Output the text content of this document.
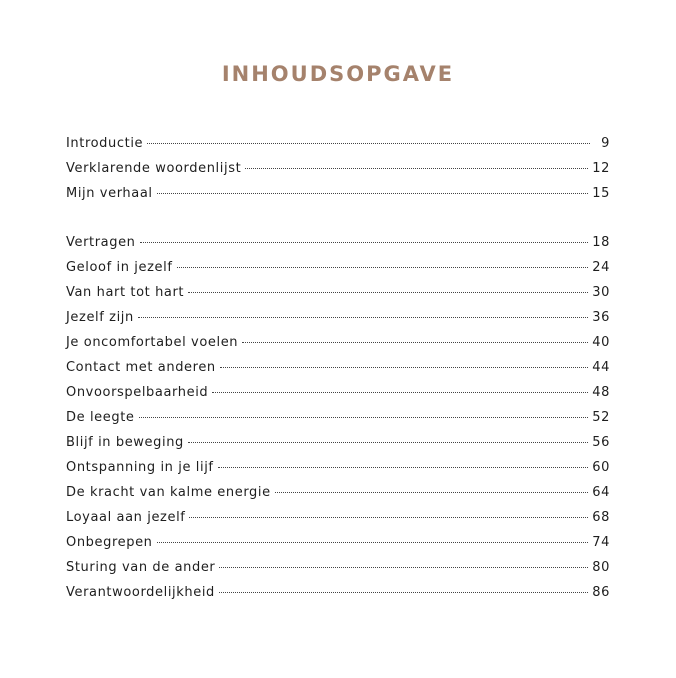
INHOUDSOPGAVE
Introductie	9
Verklarende woordenlijst	12
Mijn verhaal	15
Vertragen	18
Geloof in jezelf	24
Van hart tot hart	30
Jezelf zijn	36
Je oncomfortabel voelen	40
Contact met anderen	44
Onvoorspelbaarheid	48
De leegte	52
Blijf in beweging	56
Ontspanning in je lijf	60
De kracht van kalme energie	64
Loyaal aan jezelf	68
Onbegrepen	74
Sturing van de ander	80
Verantwoordelijkheid	86
